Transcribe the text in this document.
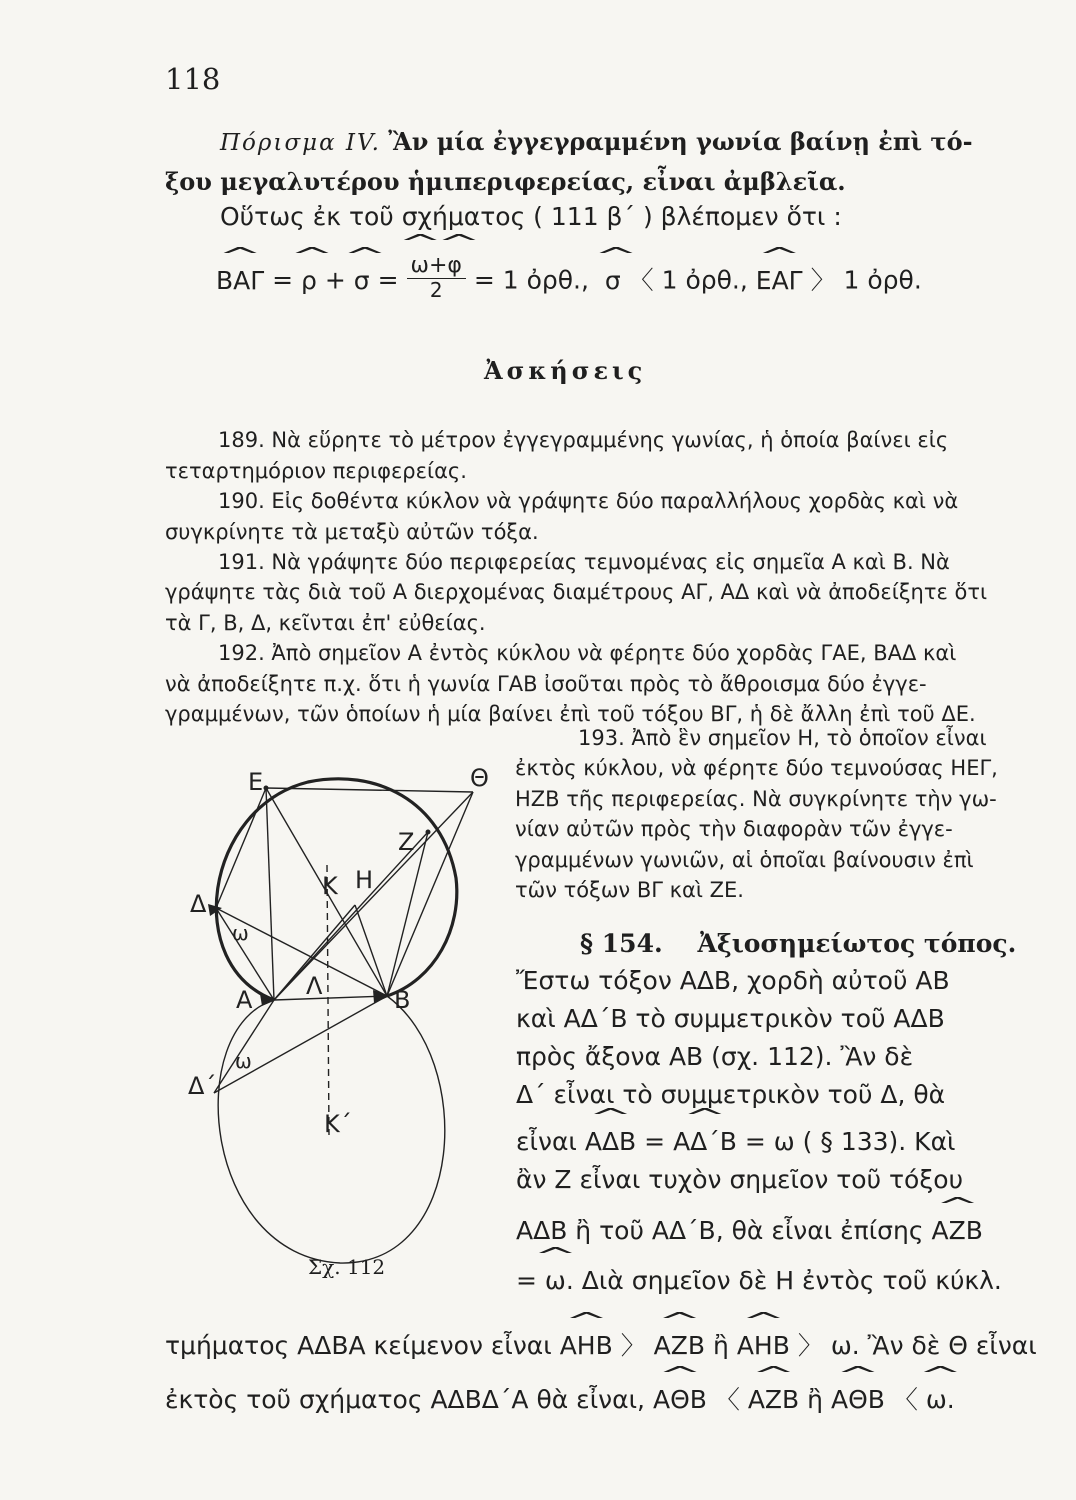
118
Πόρισμα IV. Ἂν μία ἐγγεγραμμένη γωνία βαίνῃ ἐπὶ τό-
ξου μεγαλυτέρου ἡμιπεριφερείας, εἶναι ἀμβλεῖα.
Οὕτως ἐκ τοῦ σχήματος ( 111 β΄ ) βλέπομεν ὅτι :
ΒΑΓ ^ = ρ ^ + σ ^ = $\frac{\omega \^{}+\varphi \^{}}{2} = 1$ ὀρθ., σ ^ 〈 1 ὀρθ., ΕΑΓ ^ 〉 1 ὀρθ.
Ἀσκήσεις
189. Νὰ εὕρητε τὸ μέτρον ἐγγεγραμμένης γωνίας, ἡ ὁποία βαίνει εἰς
τεταρτημόριον περιφερείας.
190. Εἰς δοθέντα κύκλον νὰ γράψητε δύο παραλλήλους χορδὰς καὶ νὰ
συγκρίνητε τὰ μεταξὺ αὐτῶν τόξα.
191. Νὰ γράψητε δύο περιφερείας τεμνομένας εἰς σημεῖα Α καὶ Β. Νὰ
γράψητε τὰς διὰ τοῦ Α διερχομένας διαμέτρους ΑΓ, ΑΔ καὶ νὰ ἀποδείξητε ὅτι
τὰ Γ, Β, Δ, κεῖνται ἐπ' εὐθείας.
192. Ἀπὸ σημεῖον Α ἐντὸς κύκλου νὰ φέρητε δύο χορδὰς ΓΑΕ, ΒΑΔ καὶ
νὰ ἀποδείξητε π.χ. ὅτι ἡ γωνία ΓΑΒ ἰσοῦται πρὸς τὸ ἄθροισμα δύο ἐγγε-
γραμμένων, τῶν ὁποίων ἡ μία βαίνει ἐπὶ τοῦ τόξου ΒΓ, ἡ δὲ ἄλλη ἐπὶ τοῦ ΔΕ.
193. Ἀπὸ ἓν σημεῖον Η, τὸ ὁποῖον εἶναι
ἐκτὸς κύκλου, νὰ φέρητε δύο τεμνούσας ΗΕΓ,
ΗΖΒ τῆς περιφερείας. Νὰ συγκρίνητε τὴν γω-
νίαν αὐτῶν πρὸς τὴν διαφορὰν τῶν ἐγγε-
γραμμένων γωνιῶν, αἱ ὁποῖαι βαίνουσιν ἐπὶ
τῶν τόξων ΒΓ καὶ ΖΕ.
§ 154. Ἀξιοσημείωτος τόπος.
Ἔστω τόξον ΑΔΒ, χορδὴ αὐτοῦ ΑΒ
καὶ ΑΔ΄Β τὸ συμμετρικὸν τοῦ ΑΔΒ
πρὸς ἄξονα ΑΒ (σχ. 112). Ἂν δὲ
Δ΄ εἶναι τὸ συμμετρικὸν τοῦ Δ, θὰ
εἶναι ΑΔΒ ^ = ΑΔ΄Β ^ = ω ( § 133). Καὶ
ἂν Ζ εἶναι τυχὸν σημεῖον τοῦ τόξου
ΑΔΒ ἢ τοῦ ΑΔ΄Β, θὰ εἶναι ἐπίσης ΑΖΒ ^
= ω ^. Διὰ σημεῖον δὲ Η ἐντὸς τοῦ κύκλ.
τμήματος ΑΔΒΑ κείμενον εἶναι ΑΗΒ ^ 〉 ΑΖΒ ^ ἢ ΑΗΒ ^ 〉 ω. Ἂν δὲ Θ εἶναι
ἐκτὸς τοῦ σχήματος ΑΔΒΔ΄Α θὰ εἶναι, ΑΘΒ ^ 〈 ΑΖΒ ^ ἢ ΑΘΒ ^ 〈 ω. ^
Ε	Θ
Ζ
Κ Η
Δ
ω
Α Λ	Β
ω
Δ΄
Κ΄
Σχ. 112
